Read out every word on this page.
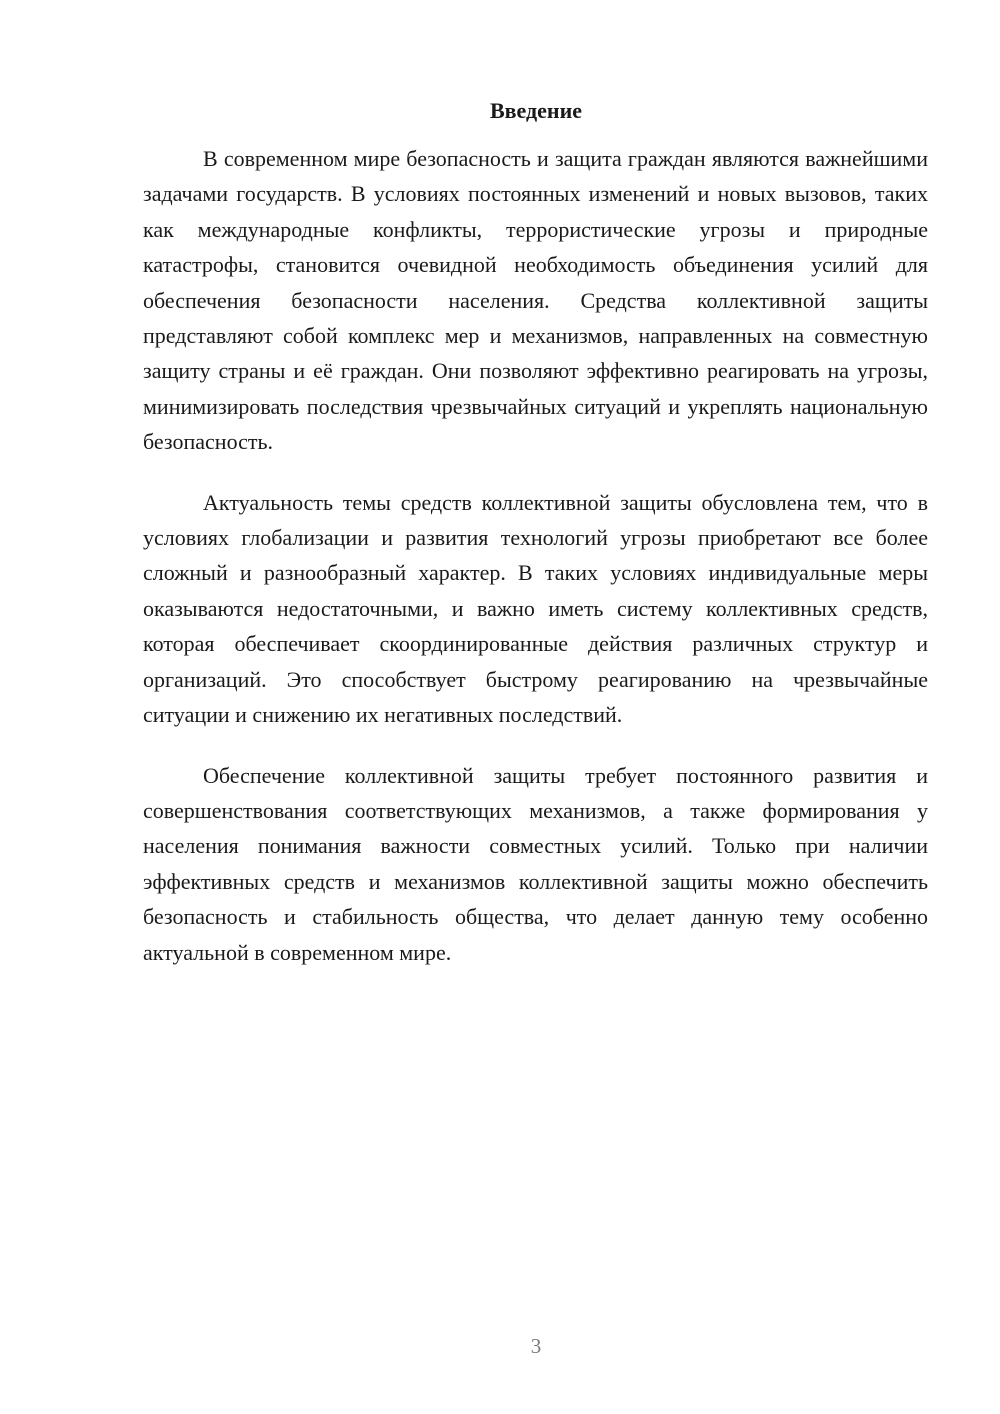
Введение

В современном мире безопасность и защита граждан являются важнейшими задачами государств. В условиях постоянных изменений и новых вызовов, таких как международные конфликты, террористические угрозы и природные катастрофы, становится очевидной необходимость объединения усилий для обеспечения безопасности населения. Средства коллективной защиты представляют собой комплекс мер и механизмов, направленных на совместную защиту страны и её граждан. Они позволяют эффективно реагировать на угрозы, минимизировать последствия чрезвычайных ситуаций и укреплять национальную безопасность.

Актуальность темы средств коллективной защиты обусловлена тем, что в условиях глобализации и развития технологий угрозы приобретают все более сложный и разнообразный характер. В таких условиях индивидуальные меры оказываются недостаточными, и важно иметь систему коллективных средств, которая обеспечивает скоординированные действия различных структур и организаций. Это способствует быстрому реагированию на чрезвычайные ситуации и снижению их негативных последствий.

Обеспечение коллективной защиты требует постоянного развития и совершенствования соответствующих механизмов, а также формирования у населения понимания важности совместных усилий. Только при наличии эффективных средств и механизмов коллективной защиты можно обеспечить безопасность и стабильность общества, что делает данную тему особенно актуальной в современном мире.

3
